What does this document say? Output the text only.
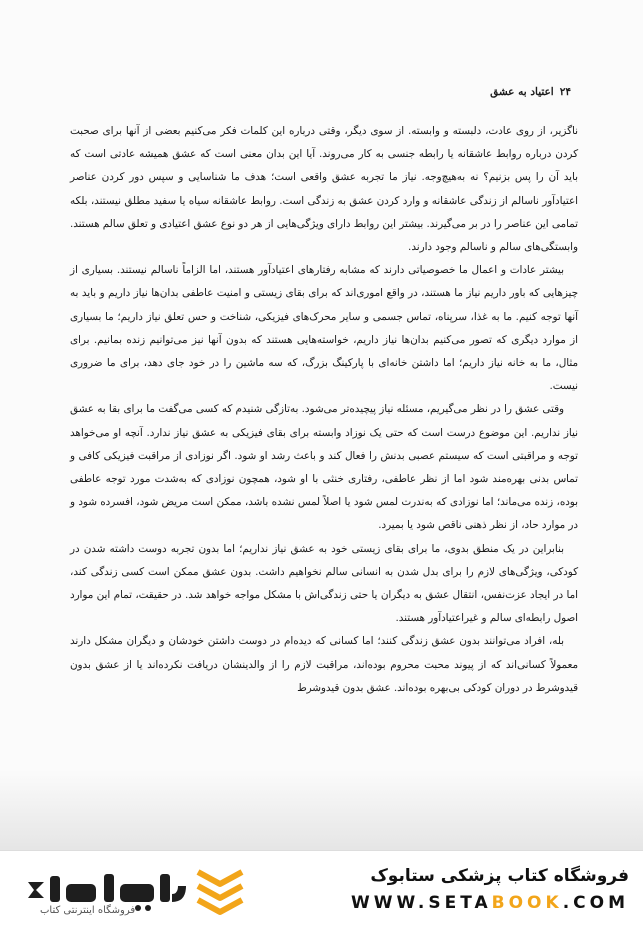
۲۴
اعتیاد به عشق

ناگزیر، از روی عادت، دلبسته و وابسته. از سوی دیگر، وقتی درباره این کلمات فکر می‌کنیم بعضی از آنها برای صحبت کردن درباره روابط عاشقانه یا رابطه جنسی به کار می‌روند. آیا این بدان معنی است که عشق همیشه عادتی است که باید آن را پس بزنیم؟ نه به‌هیچ‌وجه. نیاز ما تجربه عشق واقعی است؛ هدف ما شناسایی و سپس دور کردن عناصر اعتیادآور ناسالم از زندگی عاشقانه و وارد کردن عشق به زندگی است. روابط عاشقانه سیاه یا سفید مطلق نیستند، بلکه تمامی این عناصر را در بر می‌گیرند. بیشتر این روابط دارای ویژگی‌هایی از هر دو نوع عشق اعتیادی و تعلق سالم هستند. وابستگی‌های سالم و ناسالم وجود دارند.

بیشتر عادات و اعمال ما خصوصیاتی دارند که مشابه رفتارهای اعتیادآور هستند، اما الزاماً ناسالم نیستند. بسیاری از چیزهایی که باور داریم نیاز ما هستند، در واقع اموری‌اند که برای بقای زیستی و امنیت عاطفی بدان‌ها نیاز داریم و باید به آنها توجه کنیم. ما به غذا، سرپناه، تماس جسمی و سایر محرک‌های فیزیکی، شناخت و حس تعلق نیاز داریم؛ ما بسیاری از موارد دیگری که تصور می‌کنیم بدان‌ها نیاز داریم، خواسته‌هایی هستند که بدون آنها نیز می‌توانیم زنده بمانیم. برای مثال، ما به خانه نیاز داریم؛ اما داشتن خانه‌ای با پارکینگ بزرگ، که سه ماشین را در خود جای دهد، برای ما ضروری نیست.

وقتی عشق را در نظر می‌گیریم، مسئله نیاز پیچیده‌تر می‌شود. به‌تازگی شنیدم که کسی می‌گفت ما برای بقا به عشق نیاز نداریم. این موضوع درست است که حتی یک نوزاد وابسته برای بقای فیزیکی به عشق نیاز ندارد. آنچه او می‌خواهد توجه و مراقبتی است که سیستم عصبی بدنش را فعال کند و باعث رشد او شود. اگر نوزادی از مراقبت فیزیکی کافی و تماس بدنی بهره‌مند شود اما از نظر عاطفی، رفتاری خنثی با او شود، همچون نوزادی که به‌شدت مورد توجه عاطفی بوده، زنده می‌ماند؛ اما نوزادی که به‌ندرت لمس شود یا اصلاً لمس نشده باشد، ممکن است مریض شود، افسرده شود و در موارد حاد، از نظر ذهنی ناقص شود یا بمیرد.

بنابراین در یک منطق بدوی، ما برای بقای زیستی خود به عشق نیاز نداریم؛ اما بدون تجربه دوست داشته شدن در کودکی، ویژگی‌های لازم را برای بدل شدن به انسانی سالم نخواهیم داشت. بدون عشق ممکن است کسی زندگی کند، اما در ایجاد عزت‌نفس، انتقال عشق به دیگران یا حتی زندگی‌اش با مشکل مواجه خواهد شد. در حقیقت، تمام این موارد اصول رابطه‌ای سالم و غیراعتیادآور هستند.

بله، افراد می‌توانند بدون عشق زندگی کنند؛ اما کسانی که دیده‌ام در دوست داشتن خودشان و دیگران مشکل دارند معمولاً کسانی‌اند که از پیوند محبت محروم بوده‌اند، مراقبت لازم را از والدینشان دریافت نکرده‌اند یا از عشق بدون قیدوشرط در دوران کودکی بی‌بهره بوده‌اند. عشق بدون قیدوشرط

فروشگاه اینترنتی کتاب
فروشگاه کتاب پزشکی ستابوک
WWW.SETABOOK.COM
